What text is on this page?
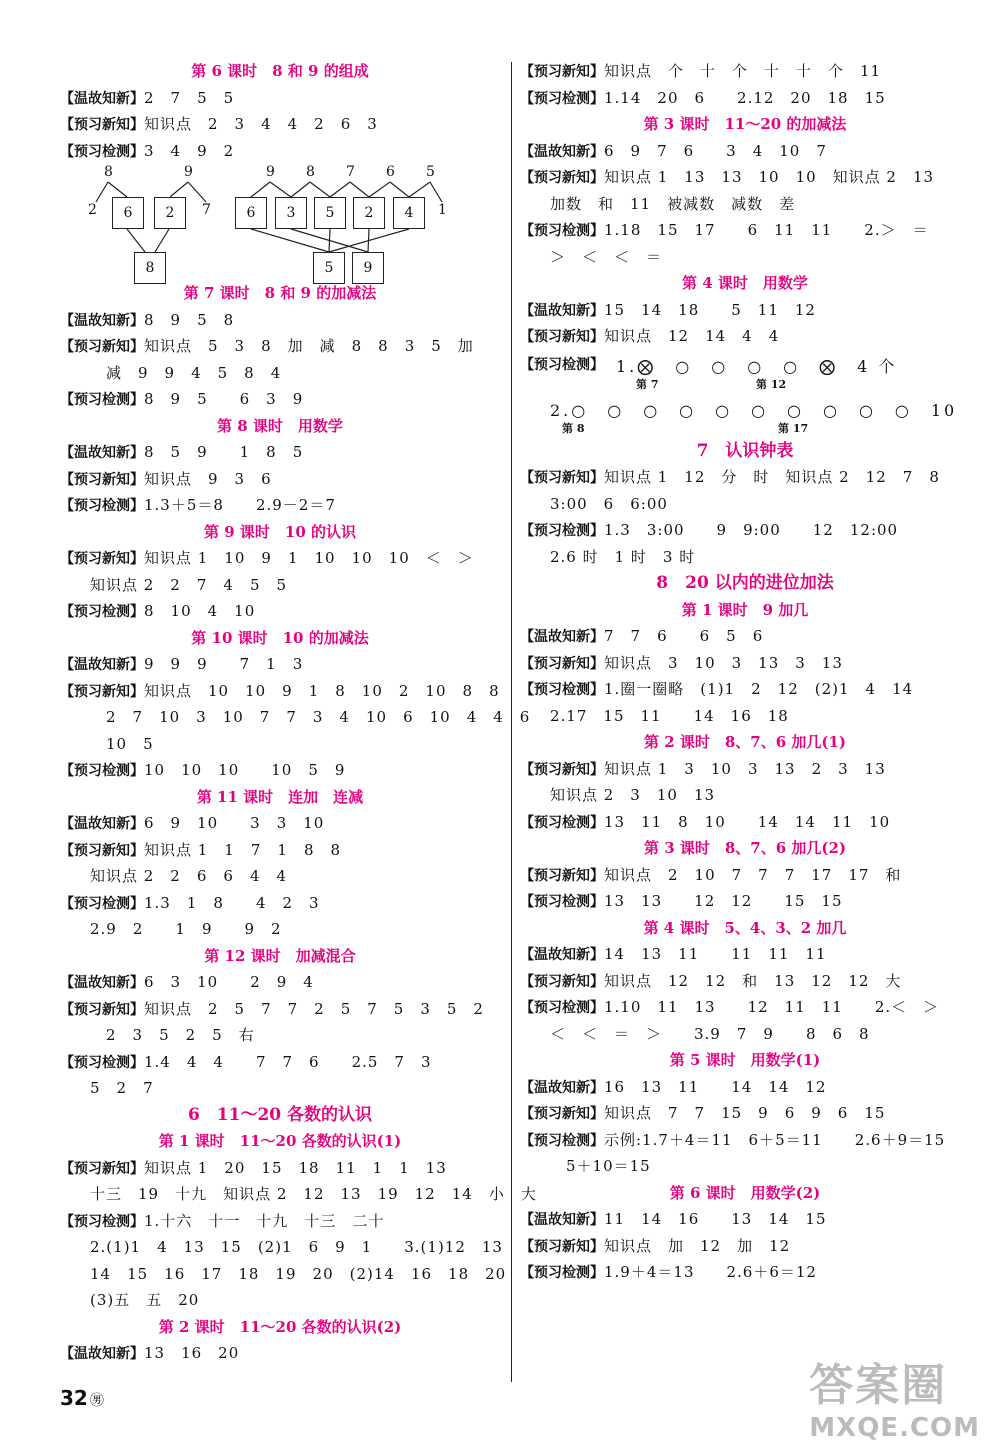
第 6 课时　8 和 9 的组成
【温故知新】2　7　5　5
【预习新知】知识点　2　3　4　4　2　6　3
【预习检测】3　4　9　2
8	9
2	7
6	2
8
6	3	5	2	4
9 8 7 6 5
1
5	9
第 7 课时　8 和 9 的加减法
【温故知新】8　9　5　8
【预习新知】知识点　5　3　8　加　减　8　8　3　5　加
减　9　9　4　5　8　4
【预习检测】8　9　5　　6　3　9
第 8 课时　用数学
【温故知新】8　5　9　　1　8　5
【预习新知】知识点　9　3　6
【预习检测】1.3＋5＝8　　2.9－2＝7
第 9 课时　10 的认识
【预习新知】知识点 1　10　9　1　10　10　10　＜　＞
知识点 2　2　7　4　5　5
【预习检测】8　10　4　10
第 10 课时　10 的加减法
【温故知新】9　9　9　　7　1　3
【预习新知】知识点　10　10　9　1　8　10　2　10　8　8
2　7　10　3　10　7　7　3　4　10　6　10　4　4　6
10　5
【预习检测】10　10　10　　10　5　9
第 11 课时　连加　连减
【温故知新】6　9　10　　3　3　10
【预习新知】知识点 1　1　7　1　8　8
知识点 2　2　6　6　4　4
【预习检测】1.3　1　8　　4　2　3
2.9　2　　1　9　　9　2
第 12 课时　加减混合
【温故知新】6　3　10　　2　9　4
【预习新知】知识点　2　5　7　7　2　5　7　5　3　5　2
2　3　5　2　5　右
【预习检测】1.4　4　4　　7　7　6　　2.5　7　3
5　2　7
6　11～20 各数的认识
第 1 课时　11～20 各数的认识(1)
【预习新知】知识点 1　20　15　18　11　1　1　13
十三　19　十九　知识点 2　12　13　19　12　14　小　大
【预习检测】1.十六　十一　十九　十三　二十
2.(1)1　4　13　15　(2)1　6　9　1　　3.(1)12　13
14　15　16　17　18　19　20　(2)14　16　18　20
(3)五　五　20
第 2 课时　11～20 各数的认识(2)
【温故知新】13　16　20
【预习新知】知识点　个　十　个　十　十　个　11
【预习检测】1.14　20　6　　2.12　20　18　15
第 3 课时　11～20 的加减法
【温故知新】6　9　7　6　　3　4　10　7
【预习新知】知识点 1　13　13　10　10　知识点 2　13
加数　和　11　被减数　减数　差
【预习检测】1.18　15　17　　6　11　11　　2.＞　＝
＞　＜　＜　＝
第 4 课时　用数学
【温故知新】15　14　18　　5　11　12
【预习新知】知识点　12　14　4　4
【预习检测】 1.⨂　○　○　○　○　⨂　4 个
第 7	第 12
2.○　○　○　○　○　○　○　○　○　○　10
第 8	第 17
7　认识钟表
【预习新知】知识点 1　12　分　时　知识点 2　12　7　8
3:00　6　6:00
【预习检测】1.3　3:00　　9　9:00　　12　12:00
2.6 时　1 时　3 时
8　20 以内的进位加法
第 1 课时　9 加几
【温故知新】7　7　6　　6　5　6
【预习新知】知识点　3　10　3　13　3　13
【预习检测】1.圈一圈略　(1)1　2　12　(2)1　4　14
2.17　15　11　　14　16　18
第 2 课时　8、7、6 加几(1)
【预习新知】知识点 1　3　10　3　13　2　3　13
知识点 2　3　10　13
【预习检测】13　11　8　10　　14　14　11　10
第 3 课时　8、7、6 加几(2)
【预习新知】知识点　2　10　7　7　7　17　17　和
【预习检测】13　13　　12　12　　15　15
第 4 课时　5、4、3、2 加几
【温故知新】14　13　11　　11　11　11
【预习新知】知识点　12　12　和　13　12　12　大
【预习检测】1.10　11　13　　12　11　11　　2.＜　＞
＜　＜　＝　＞　　3.9　7　9　　8　6　8
第 5 课时　用数学(1)
【温故知新】16　13　11　　14　14　12
【预习新知】知识点　7　7　15　9　6　9　6　15
【预习检测】示例:1.7＋4＝11　6＋5＝11　　2.6＋9＝15
5＋10＝15
第 6 课时　用数学(2)
【温故知新】11　14　16　　13　14　15
【预习新知】知识点　加　12　加　12
【预习检测】1.9＋4＝13　　2.6＋6＝12
32 ㊚	答案圈
MXQE.COM
